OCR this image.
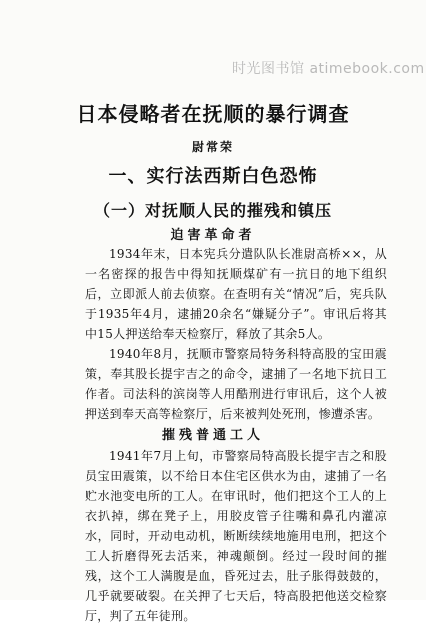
时光图书馆 atimebook.com
日本侵略者在抚顺的暴行调查
尉常荣
一、实行法西斯白色恐怖
（一）对抚顺人民的摧残和镇压
迫害革命者

1934年末，日本宪兵分遣队队长准尉高桥××，从一名密探的报告中得知抚顺煤矿有一抗日的地下组织后，立即派人前去侦察。在查明有关“情况”后，宪兵队于1935年4月，逮捕20余名“嫌疑分子”。审讯后将其中15人押送给奉天检察厅，释放了其余5人。

1940年8月，抚顺市警察局特务科特高股的宝田震策，奉其股长提宇吉之的命令，逮捕了一名地下抗日工作者。司法科的滨岗等人用酷刑进行审讯后，这个人被押送到奉天高等检察厅，后来被判处死刑，惨遭杀害。

摧残普通工人

1941年7月上旬，市警察局特高股长提宇吉之和股员宝田震策，以不给日本住宅区供水为由，逮捕了一名贮水池变电所的工人。在审讯时，他们把这个工人的上衣扒掉，绑在凳子上，用胶皮管子往嘴和鼻孔内灌凉水，同时，开动电动机，断断续续地施用电刑，把这个工人折磨得死去活来，神魂颠倒。经过一段时间的摧残，这个工人满腹是血，昏死过去，肚子胀得鼓鼓的，几乎就要破裂。在关押了七天后，特高股把他送交检察厅，判了五年徒刑。
